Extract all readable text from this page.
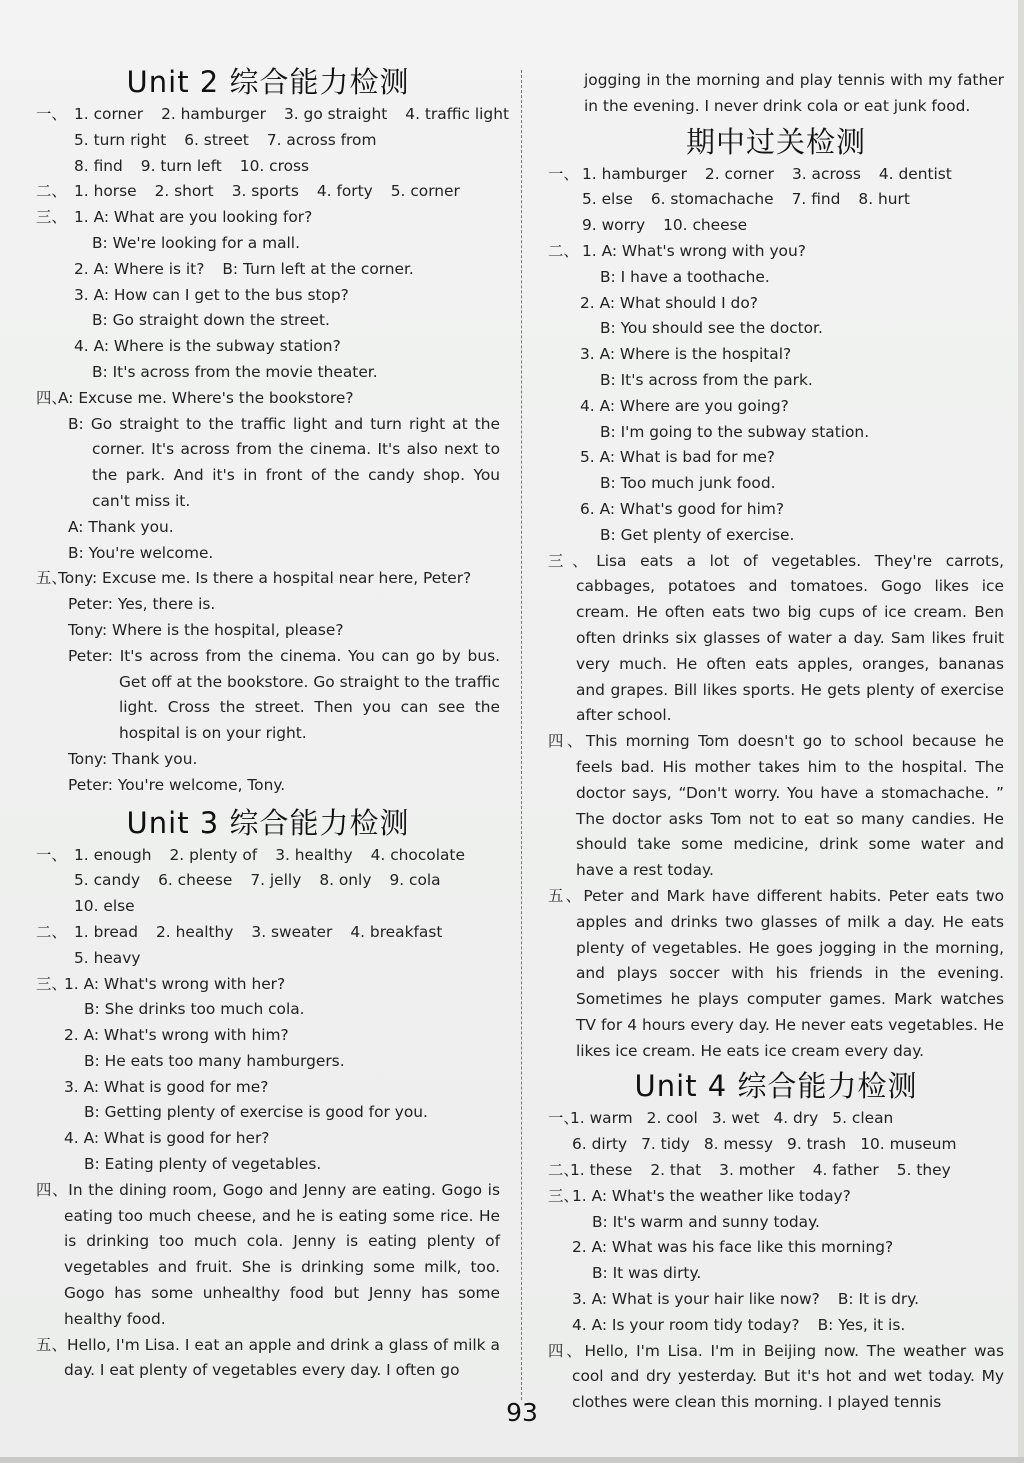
Unit 2 综合能力检测
一、 1. corner 2. hamburger 3. go straight 4. traffic light
5. turn right 6. street 7. across from
8. find 9. turn left 10. cross
二、 1. horse 2. short 3. sports 4. forty 5. corner
三、 1. A: What are you looking for?
B: We're looking for a mall.
2. A: Where is it? B: Turn left at the corner.
3. A: How can I get to the bus stop?
B: Go straight down the street.
4. A: Where is the subway station?
B: It's across from the movie theater.
四、A: Excuse me. Where's the bookstore?
B: Go straight to the traffic light and turn right at the corner. It's across from the cinema. It's also next to the park. And it's in front of the candy shop. You can't miss it.
A: Thank you.
B: You're welcome.
五、Tony: Excuse me. Is there a hospital near here, Peter?
Peter: Yes, there is.
Tony: Where is the hospital, please?
Peter: It's across from the cinema. You can go by bus. Get off at the bookstore. Go straight to the traffic light. Cross the street. Then you can see the hospital is on your right.
Tony: Thank you.
Peter: You're welcome, Tony.
Unit 3 综合能力检测
一、 1. enough 2. plenty of 3. healthy 4. chocolate
5. candy 6. cheese 7. jelly 8. only 9. cola
10. else
二、 1. bread 2. healthy 3. sweater 4. breakfast
5. heavy
三、1. A: What's wrong with her?
B: She drinks too much cola.
2. A: What's wrong with him?
B: He eats too many hamburgers.
3. A: What is good for me?
B: Getting plenty of exercise is good for you.
4. A: What is good for her?
B: Eating plenty of vegetables.
四、In the dining room, Gogo and Jenny are eating. Gogo is eating too much cheese, and he is eating some rice. He is drinking too much cola. Jenny is eating plenty of vegetables and fruit. She is drinking some milk, too. Gogo has some unhealthy food but Jenny has some healthy food.
五、Hello, I'm Lisa. I eat an apple and drink a glass of milk a day. I eat plenty of vegetables every day. I often go
jogging in the morning and play tennis with my father in the evening. I never drink cola or eat junk food.
期中过关检测
一、 1. hamburger 2. corner 3. across 4. dentist
5. else 6. stomachache 7. find 8. hurt
9. worry 10. cheese
二、 1. A: What's wrong with you?
B: I have a toothache.
2. A: What should I do?
B: You should see the doctor.
3. A: Where is the hospital?
B: It's across from the park.
4. A: Where are you going?
B: I'm going to the subway station.
5. A: What is bad for me?
B: Too much junk food.
6. A: What's good for him?
B: Get plenty of exercise.
三、Lisa eats a lot of vegetables. They're carrots, cabbages, potatoes and tomatoes. Gogo likes ice cream. He often eats two big cups of ice cream. Ben often drinks six glasses of water a day. Sam likes fruit very much. He often eats apples, oranges, bananas and grapes. Bill likes sports. He gets plenty of exercise after school.
四、This morning Tom doesn't go to school because he feels bad. His mother takes him to the hospital. The doctor says, “Don't worry. You have a stomachache. ” The doctor asks Tom not to eat so many candies. He should take some medicine, drink some water and have a rest today.
五、Peter and Mark have different habits. Peter eats two apples and drinks two glasses of milk a day. He eats plenty of vegetables. He goes jogging in the morning, and plays soccer with his friends in the evening. Sometimes he plays computer games. Mark watches TV for 4 hours every day. He never eats vegetables. He likes ice cream. He eats ice cream every day.
Unit 4 综合能力检测
一、1. warm 2. cool 3. wet 4. dry 5. clean
6. dirty 7. tidy 8. messy 9. trash 10. museum
二、1. these 2. that 3. mother 4. father 5. they
三、1. A: What's the weather like today?
B: It's warm and sunny today.
2. A: What was his face like this morning?
B: It was dirty.
3. A: What is your hair like now? B: It is dry.
4. A: Is your room tidy today? B: Yes, it is.
四、Hello, I'm Lisa. I'm in Beijing now. The weather was cool and dry yesterday. But it's hot and wet today. My clothes were clean this morning. I played tennis
93
